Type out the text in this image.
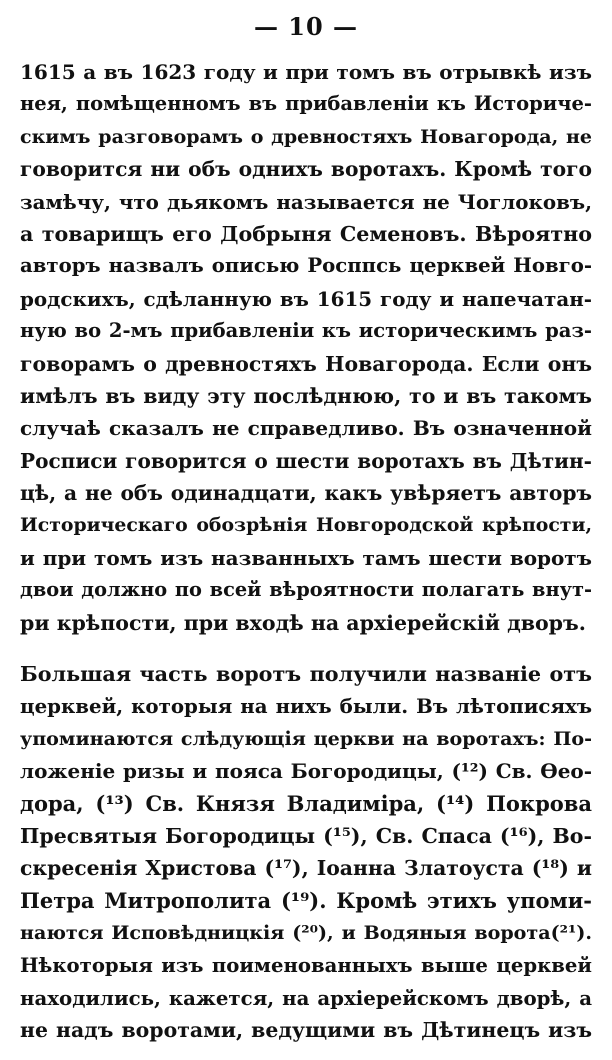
— 10 —
1615 а въ 1623 году и при томъ въ отрывкѣ изъ
нея, помѣщенномъ въ прибавленіи къ Историче-
скимъ разговорамъ о древностяхъ Новагорода, не
говорится ни объ однихъ воротахъ. Кромѣ того
замѣчу, что дьякомъ называется не Чоглоковъ,
а товарищъ его Добрыня Семеновъ. Вѣроятно
авторъ назвалъ описью Росппсь церквей Новго-
родскихъ, сдѣланную въ 1615 году и напечатан-
ную во 2-мъ прибавленіи къ историческимъ раз-
говорамъ о древностяхъ Новагорода. Если онъ
имѣлъ въ виду эту послѣднюю, то и въ такомъ
случаѣ сказалъ не справедливо. Въ означенной
Росписи говорится о шести воротахъ въ Дѣтин-
цѣ, а не объ одинадцати, какъ увѣряетъ авторъ
Историческаго обозрѣнія Новгородской крѣпости,
и при томъ изъ названныхъ тамъ шести воротъ
двои должно по всей вѣроятности полагать внут-
ри крѣпости, при входѣ на архіерейскій дворъ.
Большая часть воротъ получили названіе отъ
церквей, которыя на нихъ были. Въ лѣтописяхъ
упоминаются слѣдующія церкви на воротахъ: По-
ложеніе ризы и пояса Богородицы, (¹²) Св. Ѳео-
дора, (¹³) Св. Князя Владиміра, (¹⁴) Покрова
Пресвятыя Богородицы (¹⁵), Св. Спаса (¹⁶), Во-
скресенія Христова (¹⁷), Іоанна Златоуста (¹⁸) и
Петра Митрополита (¹⁹). Кромѣ этихъ упоми-
наются Исповѣдницкія (²⁰), и Водяныя ворота(²¹).
Нѣкоторыя изъ поименованныхъ выше церквей
находились, кажется, на архіерейскомъ дворѣ, а
не надъ воротами, ведущими въ Дѣтинецъ изъ
